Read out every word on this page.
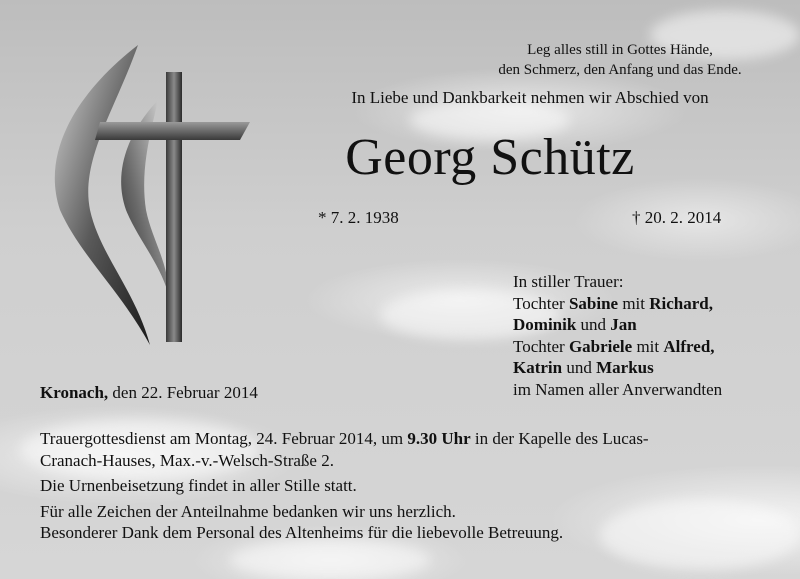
Leg alles still in Gottes Hände,
den Schmerz, den Anfang und das Ende.
In Liebe und Dankbarkeit nehmen wir Abschied von
Georg Schütz
* 7. 2. 1938	† 20. 2. 2014
In stiller Trauer:
Tochter Sabine mit Richard,
Dominik und Jan
Tochter Gabriele mit Alfred,
Katrin und Markus
im Namen aller Anverwandten
Kronach, den 22. Februar 2014

Trauergottesdienst am Montag, 24. Februar 2014, um 9.30 Uhr in der Kapelle des Lucas-
Cranach-Hauses, Max.-v.-Welsch-Straße 2.

Die Urnenbeisetzung findet in aller Stille statt.

Für alle Zeichen der Anteilnahme bedanken wir uns herzlich.

Besonderer Dank dem Personal des Altenheims für die liebevolle Betreuung.
